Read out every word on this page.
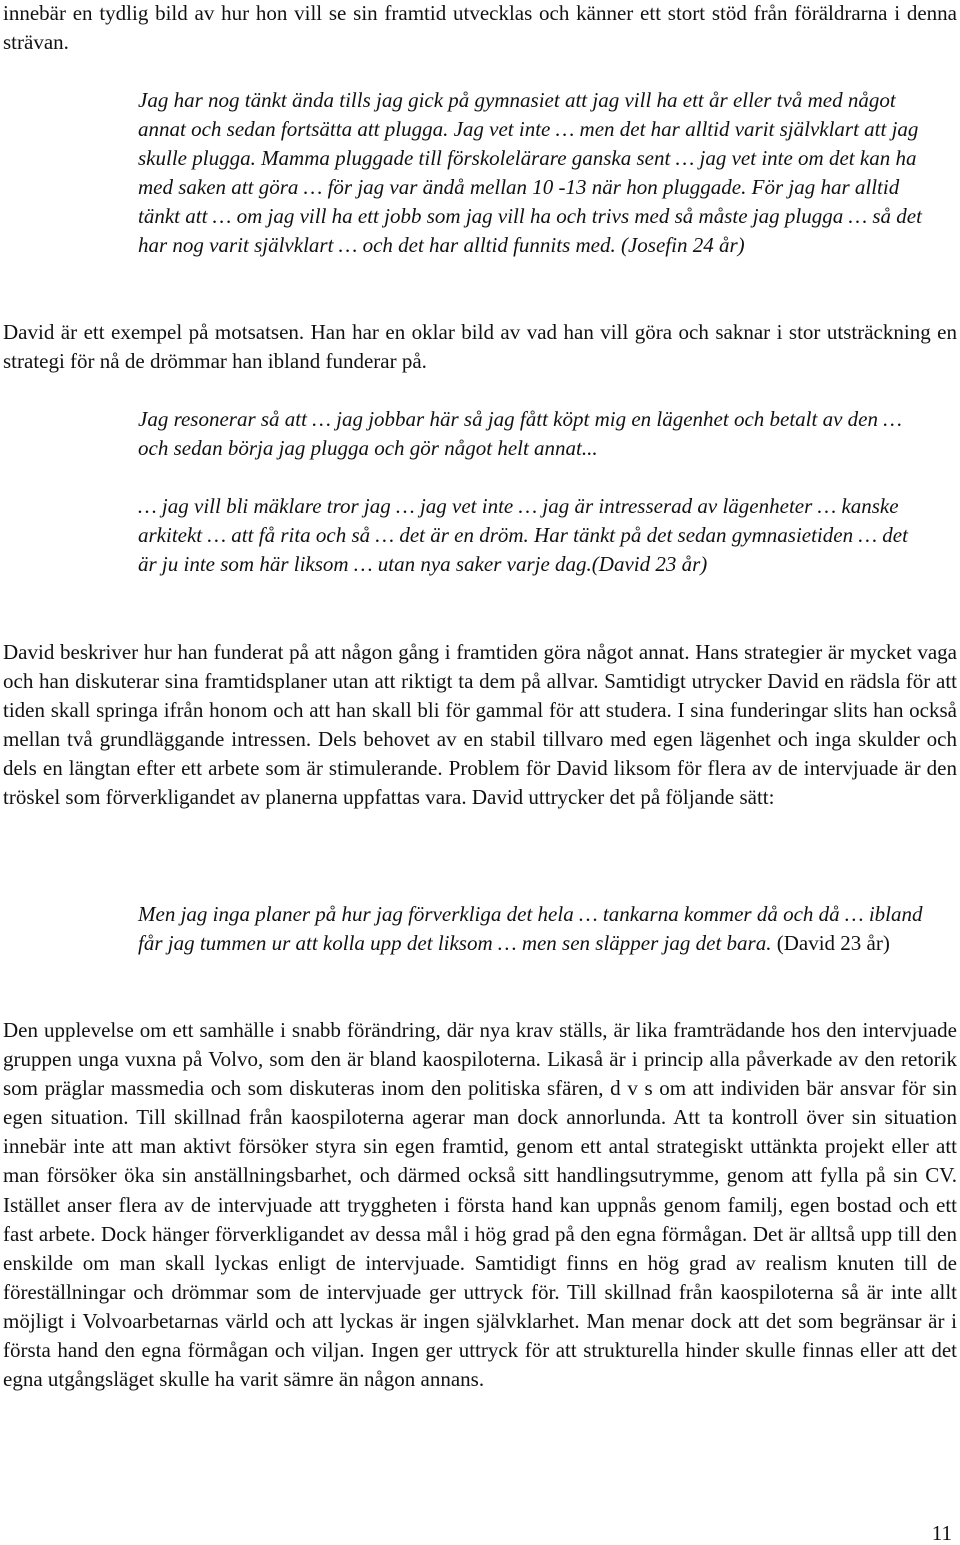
innebär en tydlig bild av hur hon vill se sin framtid utvecklas och känner ett stort stöd från föräldrarna i denna strävan.

Jag har nog tänkt ända tills jag gick på gymnasiet att jag vill ha ett år eller två med något annat och sedan fortsätta att plugga. Jag vet inte … men det har alltid varit självklart att jag skulle plugga. Mamma pluggade till förskolelärare ganska sent … jag vet inte om det kan ha med saken att göra … för jag var ändå mellan 10 -13 när hon pluggade. För jag har alltid tänkt att … om jag vill ha ett jobb som jag vill ha och trivs med så måste jag plugga … så det har nog varit självklart … och det har alltid funnits med. (Josefin 24 år)

David är ett exempel på motsatsen. Han har en oklar bild av vad han vill göra och saknar i stor utsträckning en strategi för nå de drömmar han ibland funderar på.

Jag resonerar så att … jag jobbar här så jag fått köpt mig en lägenhet och betalt av den … och sedan börja jag plugga och gör något helt annat...

… jag vill bli mäklare tror jag … jag vet inte … jag är intresserad av lägenheter … kanske arkitekt … att få rita och så … det är en dröm. Har tänkt på det sedan gymnasietiden … det är ju inte som här liksom … utan nya saker varje dag.(David 23 år)

David beskriver hur han funderat på att någon gång i framtiden göra något annat. Hans strategier är mycket vaga och han diskuterar sina framtidsplaner utan att riktigt ta dem på allvar. Samtidigt utrycker David en rädsla för att tiden skall springa ifrån honom och att han skall bli för gammal för att studera. I sina funderingar slits han också mellan två grundläggande intressen. Dels behovet av en stabil tillvaro med egen lägenhet och inga skulder och dels en längtan efter ett arbete som är stimulerande. Problem för David liksom för flera av de intervjuade är den tröskel som förverkligandet av planerna uppfattas vara. David uttrycker det på följande sätt:

Men jag inga planer på hur jag förverkliga det hela … tankarna kommer då och då … ibland får jag tummen ur att kolla upp det liksom … men sen släpper jag det bara. (David 23 år)

Den upplevelse om ett samhälle i snabb förändring, där nya krav ställs, är lika framträdande hos den intervjuade gruppen unga vuxna på Volvo, som den är bland kaospiloterna. Likaså är i princip alla påverkade av den retorik som präglar massmedia och som diskuteras inom den politiska sfären, d v s om att individen bär ansvar för sin egen situation. Till skillnad från kaospiloterna agerar man dock annorlunda. Att ta kontroll över sin situation innebär inte att man aktivt försöker styra sin egen framtid, genom ett antal strategiskt uttänkta projekt eller att man försöker öka sin anställningsbarhet, och därmed också sitt handlingsutrymme, genom att fylla på sin CV. Istället anser flera av de intervjuade att tryggheten i första hand kan uppnås genom familj, egen bostad och ett fast arbete. Dock hänger förverkligandet av dessa mål i hög grad på den egna förmågan. Det är alltså upp till den enskilde om man skall lyckas enligt de intervjuade. Samtidigt finns en hög grad av realism knuten till de föreställningar och drömmar som de intervjuade ger uttryck för. Till skillnad från kaospiloterna så är inte allt möjligt i Volvoarbetarnas värld och att lyckas är ingen självklarhet. Man menar dock att det som begränsar är i första hand den egna förmågan och viljan. Ingen ger uttryck för att strukturella hinder skulle finnas eller att det egna utgångsläget skulle ha varit sämre än någon annans.

11
